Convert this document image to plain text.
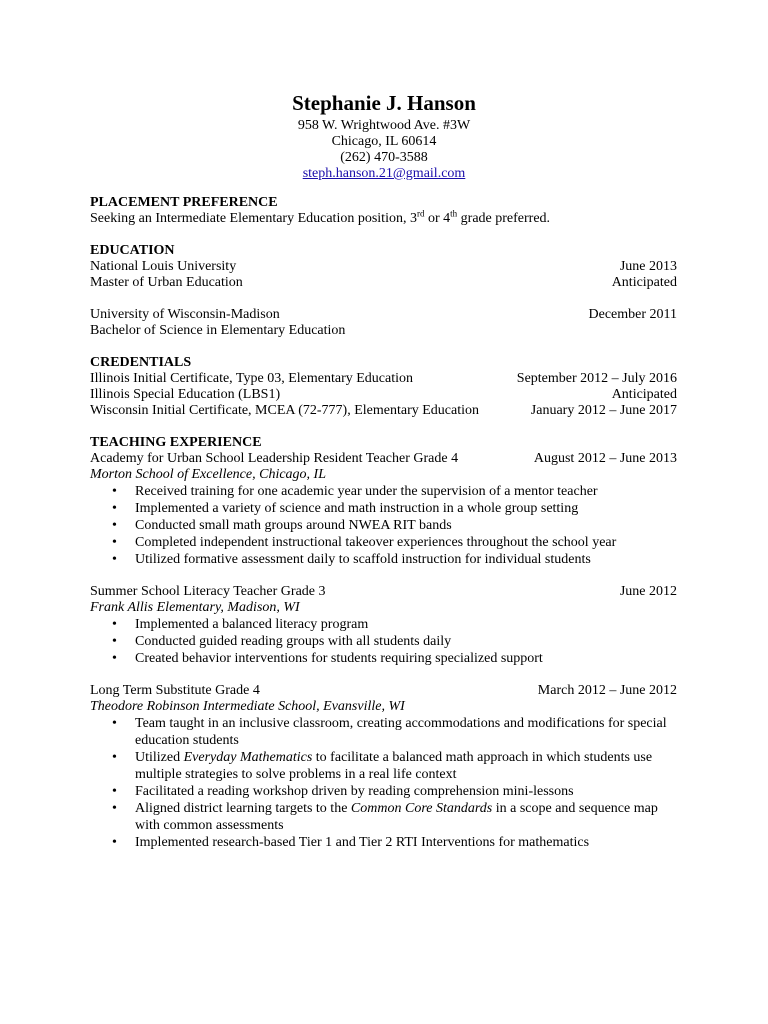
Stephanie J. Hanson
958 W. Wrightwood Ave. #3W
Chicago, IL 60614
(262) 470-3588
steph.hanson.21@gmail.com
PLACEMENT PREFERENCE
Seeking an Intermediate Elementary Education position, 3rd or 4th grade preferred.
EDUCATION
National Louis University	June 2013
Master of Urban Education	Anticipated
University of Wisconsin-Madison	December 2011
Bachelor of Science in Elementary Education
CREDENTIALS
Illinois Initial Certificate, Type 03, Elementary Education	September 2012 – July 2016
Illinois Special Education (LBS1)	Anticipated
Wisconsin Initial Certificate, MCEA (72-777), Elementary Education	January 2012 – June 2017
TEACHING EXPERIENCE
Academy for Urban School Leadership Resident Teacher Grade 4	August 2012 – June 2013
Morton School of Excellence, Chicago, IL
• Received training for one academic year under the supervision of a mentor teacher
• Implemented a variety of science and math instruction in a whole group setting
• Conducted small math groups around NWEA RIT bands
• Completed independent instructional takeover experiences throughout the school year
• Utilized formative assessment daily to scaffold instruction for individual students
Summer School Literacy Teacher Grade 3	June 2012
Frank Allis Elementary, Madison, WI
• Implemented a balanced literacy program
• Conducted guided reading groups with all students daily
• Created behavior interventions for students requiring specialized support
Long Term Substitute Grade 4	March 2012 – June 2012
Theodore Robinson Intermediate School, Evansville, WI
• Team taught in an inclusive classroom, creating accommodations and modifications for special
education students
• Utilized Everyday Mathematics to facilitate a balanced math approach in which students use
multiple strategies to solve problems in a real life context
• Facilitated a reading workshop driven by reading comprehension mini-lessons
• Aligned district learning targets to the Common Core Standards in a scope and sequence map
with common assessments
• Implemented research-based Tier 1 and Tier 2 RTI Interventions for mathematics
